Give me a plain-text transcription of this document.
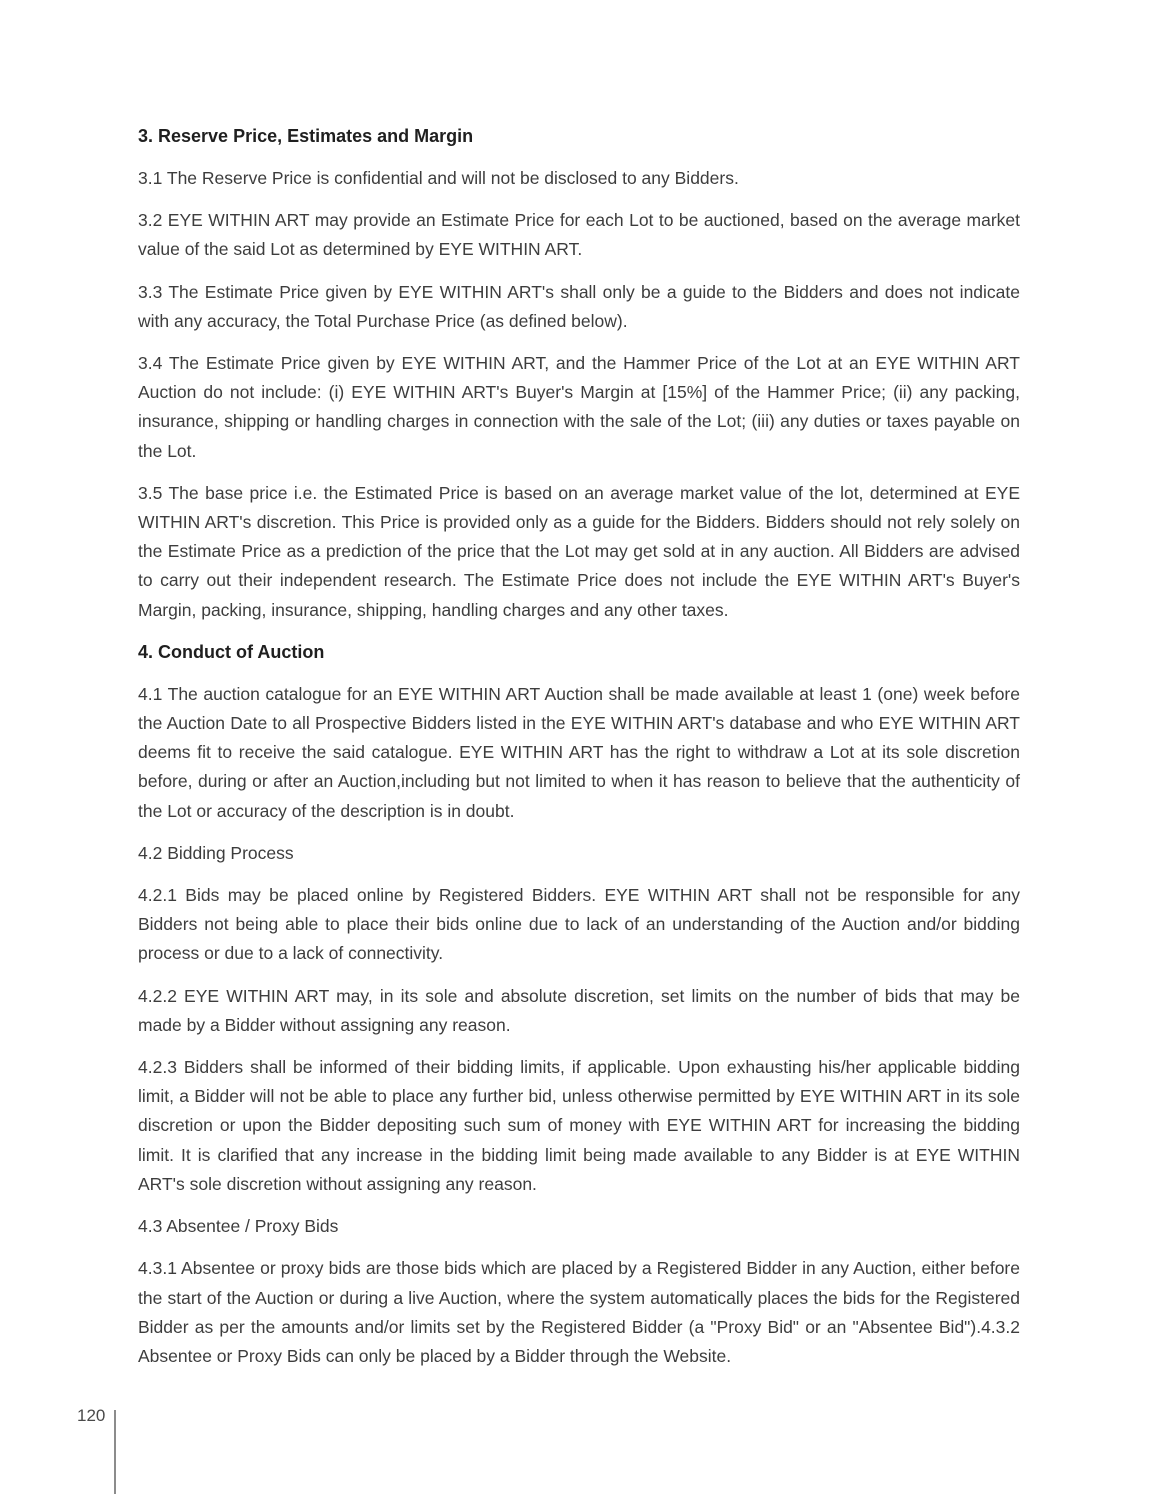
3. Reserve Price, Estimates and Margin

3.1 The Reserve Price is confidential and will not be disclosed to any Bidders.

3.2 EYE WITHIN ART may provide an Estimate Price for each Lot to be auctioned, based on the average market value of the said Lot as determined by EYE WITHIN ART.

3.3 The Estimate Price given by EYE WITHIN ART's shall only be a guide to the Bidders and does not indicate with any accuracy, the Total Purchase Price (as defined below).

3.4 The Estimate Price given by EYE WITHIN ART, and the Hammer Price of the Lot at an EYE WITHIN ART Auction do not include: (i) EYE WITHIN ART's Buyer's Margin at [15%] of the Hammer Price; (ii) any packing, insurance, shipping or handling charges in connection with the sale of the Lot; (iii) any duties or taxes payable on the Lot.

3.5 The base price i.e. the Estimated Price is based on an average market value of the lot, determined at EYE WITHIN ART's discretion. This Price is provided only as a guide for the Bidders. Bidders should not rely solely on the Estimate Price as a prediction of the price that the Lot may get sold at in any auction. All Bidders are advised to carry out their independent research. The Estimate Price does not include the EYE WITHIN ART's Buyer's Margin, packing, insurance, shipping, handling charges and any other taxes.

4. Conduct of Auction

4.1 The auction catalogue for an EYE WITHIN ART Auction shall be made available at least 1 (one) week before the Auction Date to all Prospective Bidders listed in the EYE WITHIN ART's database and who EYE WITHIN ART deems fit to receive the said catalogue. EYE WITHIN ART has the right to withdraw a Lot at its sole discretion before, during or after an Auction,including but not limited to when it has reason to believe that the authenticity of the Lot or accuracy of the description is in doubt.

4.2 Bidding Process

4.2.1 Bids may be placed online by Registered Bidders. EYE WITHIN ART shall not be responsible for any Bidders not being able to place their bids online due to lack of an understanding of the Auction and/or bidding process or due to a lack of connectivity.

4.2.2 EYE WITHIN ART may, in its sole and absolute discretion, set limits on the number of bids that may be made by a Bidder without assigning any reason.

4.2.3 Bidders shall be informed of their bidding limits, if applicable. Upon exhausting his/her applicable bidding limit, a Bidder will not be able to place any further bid, unless otherwise permitted by EYE WITHIN ART in its sole discretion or upon the Bidder depositing such sum of money with EYE WITHIN ART for increasing the bidding limit. It is clarified that any increase in the bidding limit being made available to any Bidder is at EYE WITHIN ART's sole discretion without assigning any reason.

4.3 Absentee / Proxy Bids

4.3.1 Absentee or proxy bids are those bids which are placed by a Registered Bidder in any Auction, either before the start of the Auction or during a live Auction, where the system automatically places the bids for the Registered Bidder as per the amounts and/or limits set by the Registered Bidder (a "Proxy Bid" or an "Absentee Bid").4.3.2 Absentee or Proxy Bids can only be placed by a Bidder through the Website.

120
